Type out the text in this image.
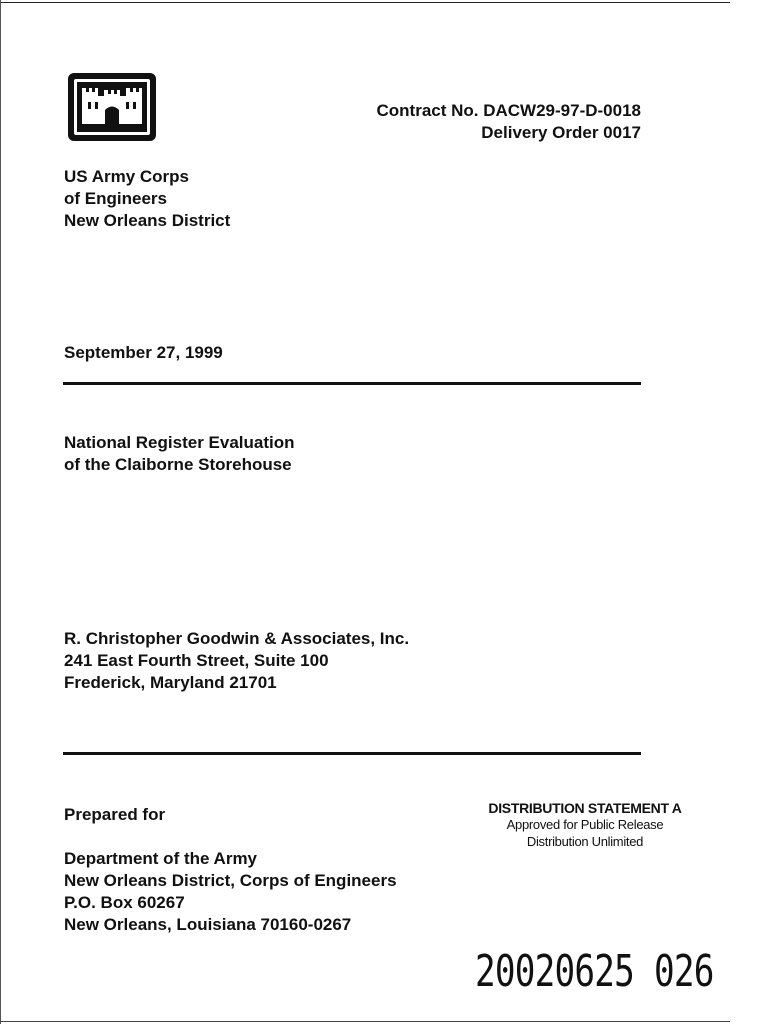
Contract No. DACW29-97-D-0018
Delivery Order 0017
US Army Corps
of Engineers
New Orleans District
September 27, 1999
National Register Evaluation
of the Claiborne Storehouse
R. Christopher Goodwin & Associates, Inc.
241 East Fourth Street, Suite 100
Frederick, Maryland 21701
Prepared for
Department of the Army
New Orleans District, Corps of Engineers
P.O. Box 60267
New Orleans, Louisiana 70160-0267
DISTRIBUTION STATEMENT A
Approved for Public Release
Distribution Unlimited
20020625 026
